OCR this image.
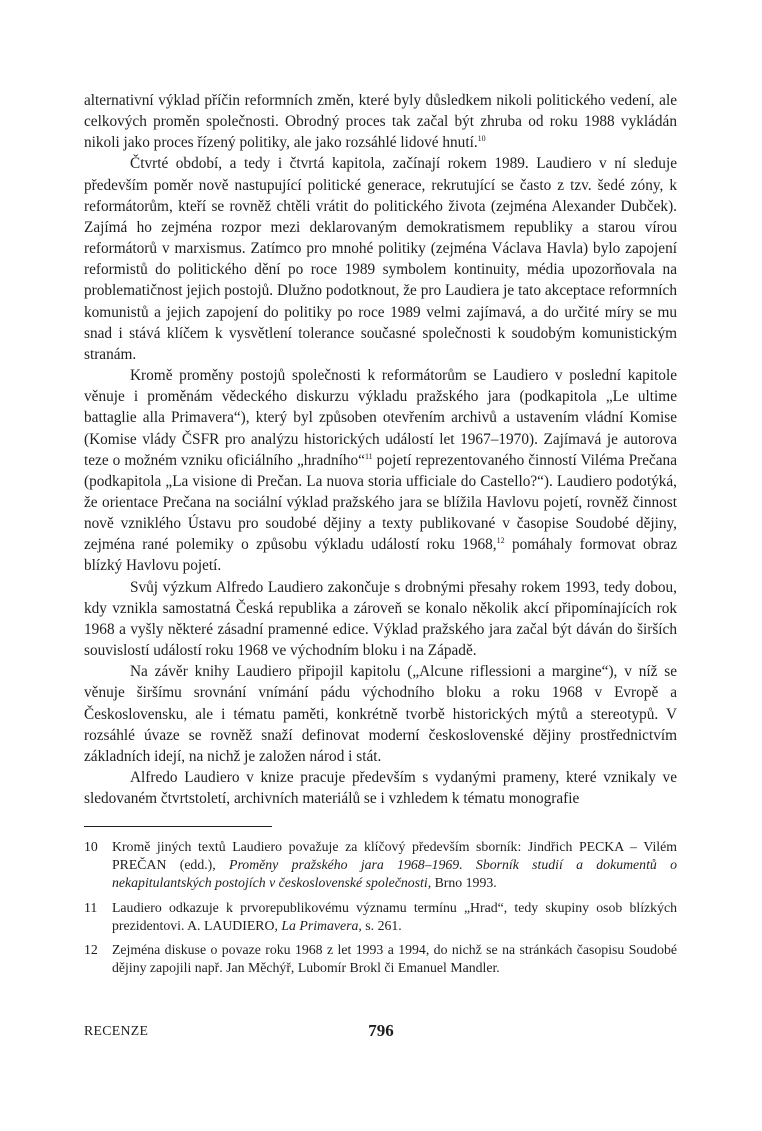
alternativní výklad příčin reformních změn, které byly důsledkem nikoli politického vedení, ale celkových proměn společnosti. Obrodný proces tak začal být zhruba od roku 1988 vykládán nikoli jako proces řízený politiky, ale jako rozsáhlé lidové hnutí.$^{10}$

Čtvrté období, a tedy i čtvrtá kapitola, začínají rokem 1989. Laudiero v ní sleduje především poměr nově nastupující politické generace, rekrutující se často z tzv. šedé zóny, k reformátorům, kteří se rovněž chtěli vrátit do politického života (zejména Alexander Dubček). Zajímá ho zejména rozpor mezi deklarovaným demokratismem republiky a starou vírou reformátorů v marxismus. Zatímco pro mnohé politiky (zejména Václava Havla) bylo zapojení reformistů do politického dění po roce 1989 symbolem kontinuity, média upozorňovala na problematičnost jejich postojů. Dlužno podotknout, že pro Laudiera je tato akceptace reformních komunistů a jejich zapojení do politiky po roce 1989 velmi zajímavá, a do určité míry se mu snad i stává klíčem k vysvětlení tolerance současné společnosti k soudobým komunistickým stranám.

Kromě proměny postojů společnosti k reformátorům se Laudiero v poslední kapitole věnuje i proměnám vědeckého diskurzu výkladu pražského jara (podkapitola „Le ultime battaglie alla Primavera“), který byl způsoben otevřením archivů a ustavením vládní Komise (Komise vlády ČSFR pro analýzu historických událostí let 1967–1970). Zajímavá je autorova teze o možném vzniku oficiálního „hradního“$^{11}$ pojetí reprezentovaného činností Viléma Prečana (podkapitola „La visione di Prečan. La nuova storia ufficiale do Castello?“). Laudiero podotýká, že orientace Prečana na sociální výklad pražského jara se blížila Havlovu pojetí, rovněž činnost nově vzniklého Ústavu pro soudobé dějiny a texty publikované v časopise Soudobé dějiny, zejména rané polemiky o způsobu výkladu událostí roku 1968,12 pomáhaly formovat obraz blízký Havlovu pojetí.

Svůj výzkum Alfredo Laudiero zakončuje s drobnými přesahy rokem 1993, tedy dobou, kdy vznikla samostatná Česká republika a zároveň se konalo několik akcí připomínajících rok 1968 a vyšly některé zásadní pramenné edice. Výklad pražského jara začal být dáván do širších souvislostí událostí roku 1968 ve východním bloku i na Západě.

Na závěr knihy Laudiero připojil kapitolu („Alcune riflessioni a margine“), v níž se věnuje širšímu srovnání vnímání pádu východního bloku a roku 1968 v Evropě a Československu, ale i tématu paměti, konkrétně tvorbě historických mýtů a stereotypů. V rozsáhlé úvaze se rovněž snaží definovat moderní československé dějiny prostřednictvím základních idejí, na nichž je založen národ i stát.

Alfredo Laudiero v knize pracuje především s vydanými prameny, které vznikaly ve sledovaném čtvrtstoletí, archivních materiálů se i vzhledem k tématu monografie

10	Kromě jiných textů Laudiero považuje za klíčový především sborník: Jindřich PECKA – Vilém PREČAN (edd.), Proměny pražského jara 1968–1969. Sborník studií a dokumentů o nekapitulantských postojích v československé společnosti, Brno 1993.
11	Laudiero odkazuje k prvorepublikovému významu termínu „Hrad“, tedy skupiny osob blízkých prezidentovi. A. LAUDIERO, La Primavera, s. 261.
12	Zejména diskuse o povaze roku 1968 z let 1993 a 1994, do nichž se na stránkách časopisu Soudobé dějiny zapojili např. Jan Měchýř, Lubomír Brokl či Emanuel Mandler.
RECENZE	796
